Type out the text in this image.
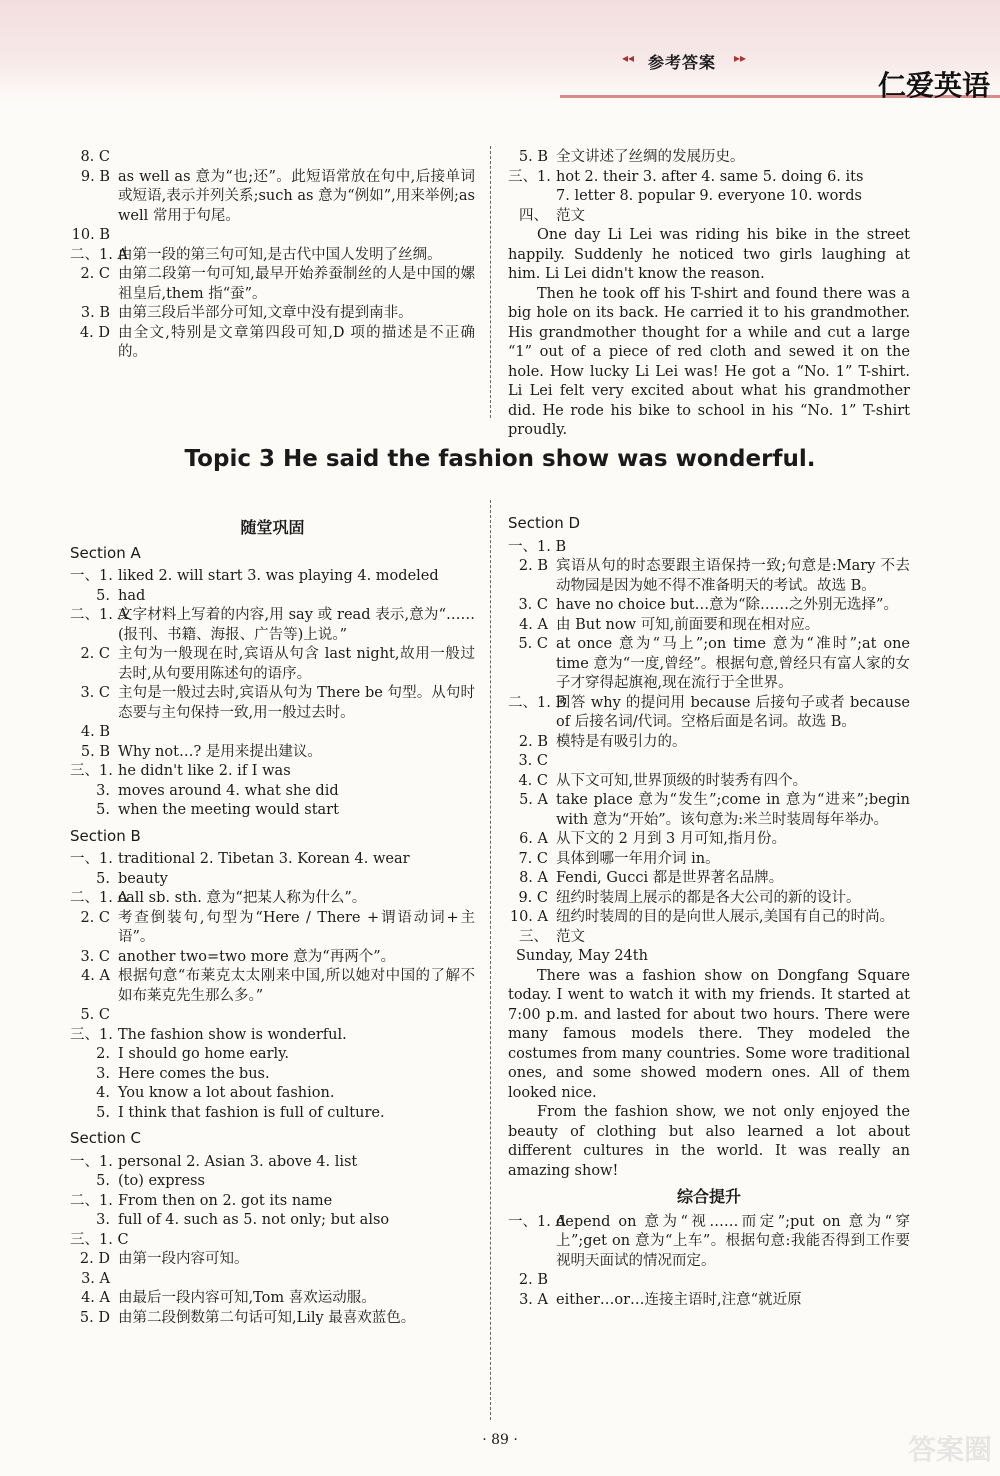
◂◂ 参考答案 ▸▸
仁爱英语
8. C
9. B as well as 意为“也;还”。此短语常放在句中,后接单词或短语,表示并列关系;such as 意为“例如”,用来举例;as well 常用于句尾。
10. B
二、1. A
由第一段的第三句可知,是古代中国人发明了丝绸。
2. C 由第二段第一句可知,最早开始养蚕制丝的人是中国的嫘祖皇后,them 指“蚕”。
3. B 由第三段后半部分可知,文章中没有提到南非。
4. D 由全文,特别是文章第四段可知,D 项的描述是不正确的。
5. B 全文讲述了丝绸的发展历史。
三、1. hot 2. their 3. after 4. same 5. doing 6. its
7. letter 8. popular 9. everyone 10. words
四、 范文
One day Li Lei was riding his bike in the street happily. Suddenly he noticed two girls laughing at him. Li Lei didn't know the reason.
Then he took off his T-shirt and found there was a big hole on its back. He carried it to his grandmother. His grandmother thought for a while and cut a large “1” out of a piece of red cloth and sewed it on the hole. How lucky Li Lei was! He got a “No. 1” T-shirt. Li Lei felt very excited about what his grandmother did. He rode his bike to school in his “No. 1” T-shirt proudly.
Topic 3 He said the fashion show was wonderful.
随堂巩固
Section A
一、1. liked 2. will start 3. was playing 4. modeled
5. had
二、1. A
文字材料上写着的内容,用 say 或 read 表示,意为“……(报刊、书籍、海报、广告等)上说。”
2. C 主句为一般现在时,宾语从句含 last night,故用一般过去时,从句要用陈述句的语序。
3. C 主句是一般过去时,宾语从句为 There be 句型。从句时态要与主句保持一致,用一般过去时。
4. B
5. B Why not…? 是用来提出建议。
三、1. he didn't like 2. if I was
3. moves around 4. what she did
5. when the meeting would start
Section B
一、1. traditional 2. Tibetan 3. Korean 4. wear
5. beauty
二、1. A
call sb. sth. 意为“把某人称为什么”。
2. C 考查倒装句,句型为“Here / There +谓语动词+主语”。
3. C another two=two more 意为“再两个”。
4. A 根据句意“布莱克太太刚来中国,所以她对中国的了解不如布莱克先生那么多。”
5. C
三、1. The fashion show is wonderful.
2. I should go home early.
3. Here comes the bus.
4. You know a lot about fashion.
5. I think that fashion is full of culture.
Section C
一、1. personal 2. Asian 3. above 4. list
5. (to) express
二、1. From then on 2. got its name
3. full of 4. such as 5. not only; but also
三、1. C
2. D 由第一段内容可知。
3. A
4. A 由最后一段内容可知,Tom 喜欢运动服。
5. D 由第二段倒数第二句话可知,Lily 最喜欢蓝色。
Section D
一、1. B
2. B 宾语从句的时态要跟主语保持一致;句意是:Mary 不去动物园是因为她不得不准备明天的考试。故选 B。
3. C have no choice but…意为“除……之外别无选择”。
4. A 由 But now 可知,前面要和现在相对应。
5. C at once 意为“马上”;on time 意为“准时”;at one time 意为“一度,曾经”。根据句意,曾经只有富人家的女子才穿得起旗袍,现在流行于全世界。
二、1. B
回答 why 的提问用 because 后接句子或者 because of 后接名词/代词。空格后面是名词。故选 B。
2. B 模特是有吸引力的。
3. C
4. C 从下文可知,世界顶级的时装秀有四个。
5. A take place 意为“发生”;come in 意为“进来”;begin with 意为“开始”。该句意为:米兰时装周每年举办。
6. A 从下文的 2 月到 3 月可知,指月份。
7. C 具体到哪一年用介词 in。
8. A Fendi, Gucci 都是世界著名品牌。
9. C 纽约时装周上展示的都是各大公司的新的设计。
10. A 纽约时装周的目的是向世人展示,美国有自己的时尚。
三、 范文
Sunday, May 24th
There was a fashion show on Dongfang Square today. I went to watch it with my friends. It started at 7:00 p.m. and lasted for about two hours. There were many famous models there. They modeled the costumes from many countries. Some wore traditional ones, and some showed modern ones. All of them looked nice.
From the fashion show, we not only enjoyed the beauty of clothing but also learned a lot about different cultures in the world. It was really an amazing show!
综合提升
一、1. A
depend on 意为“视……而定”;put on 意为“穿上”;get on 意为“上车”。根据句意:我能否得到工作要视明天面试的情况而定。
2. B
3. A either…or…连接主语时,注意“就近原
· 89 ·	答案圈
